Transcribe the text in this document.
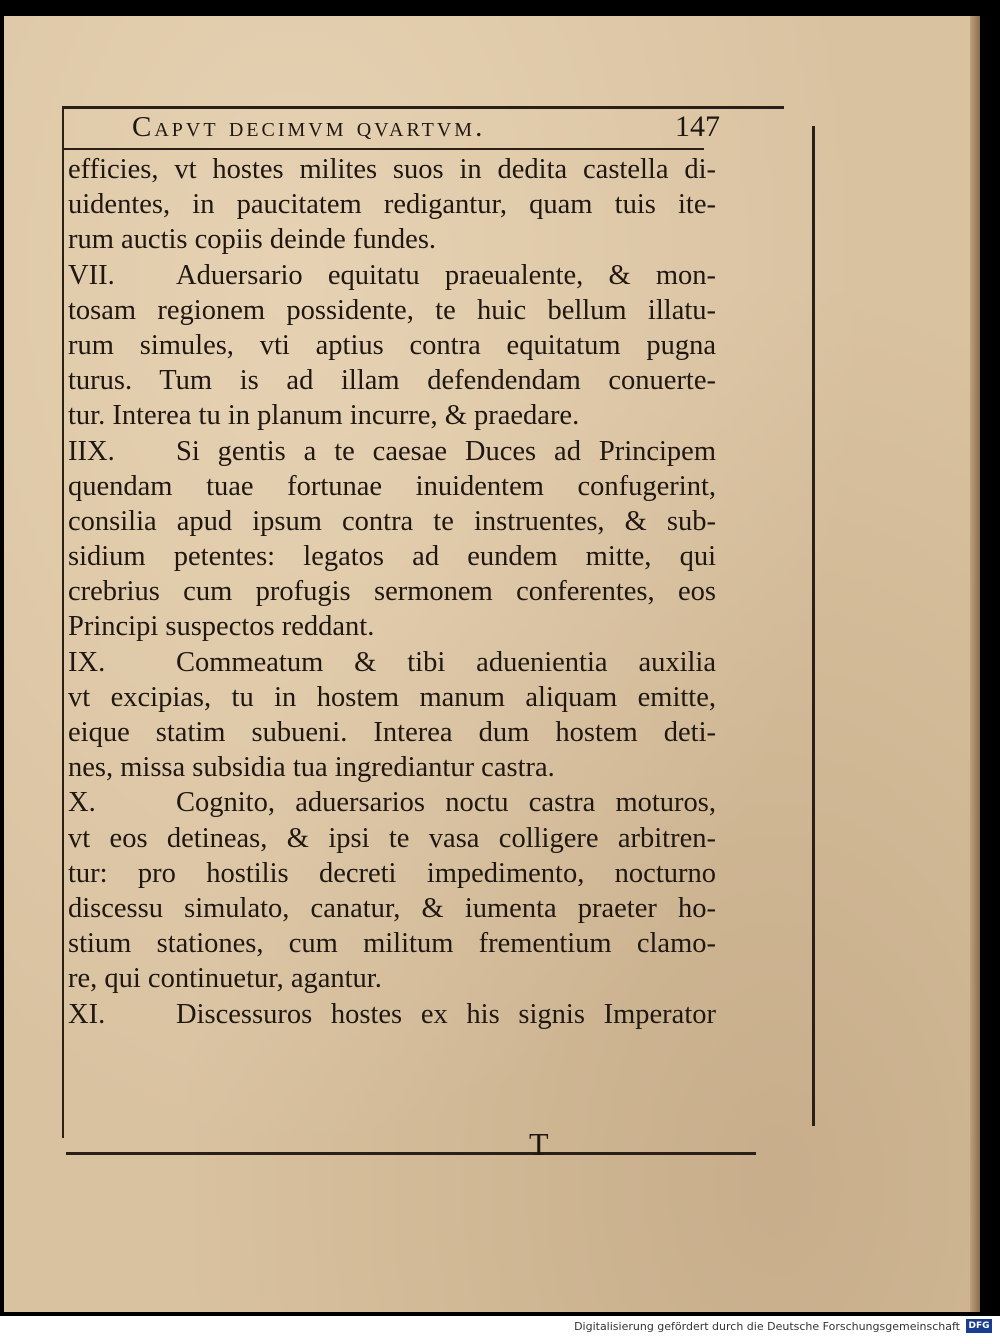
Capvt decimvm qvartvm.	147
efficies, vt hostes milites suos in dedita castella di-
uidentes, in paucitatem redigantur, quam tuis ite-
rum auctis copiis deinde fundes.
VII.	Aduersario equitatu praeualente, & mon-
tosam regionem possidente, te huic bellum illatu-
rum simules, vti aptius contra equitatum pugna
turus. Tum is ad illam defendendam conuerte-
tur. Interea tu in planum incurre, & praedare.
IIX.	Si gentis a te caesae Duces ad Principem
quendam tuae fortunae inuidentem confugerint,
consilia apud ipsum contra te instruentes, & sub-
sidium petentes: legatos ad eundem mitte, qui
crebrius cum profugis sermonem conferentes, eos
Principi suspectos reddant.
IX.	Commeatum & tibi aduenientia auxilia
vt excipias, tu in hostem manum aliquam emitte,
eique statim subueni. Interea dum hostem deti-
nes, missa subsidia tua ingrediantur castra.
X.	Cognito, aduersarios noctu castra moturos,
vt eos detineas, & ipsi te vasa colligere arbitren-
tur: pro hostilis decreti impedimento, nocturno
discessu simulato, canatur, & iumenta praeter ho-
stium stationes, cum militum frementium clamo-
re, qui continuetur, agantur.
XI.	Discessuros hostes ex his signis Imperator
T
Digitalisierung gefördert durch die Deutsche Forschungsgemeinschaft DFG
